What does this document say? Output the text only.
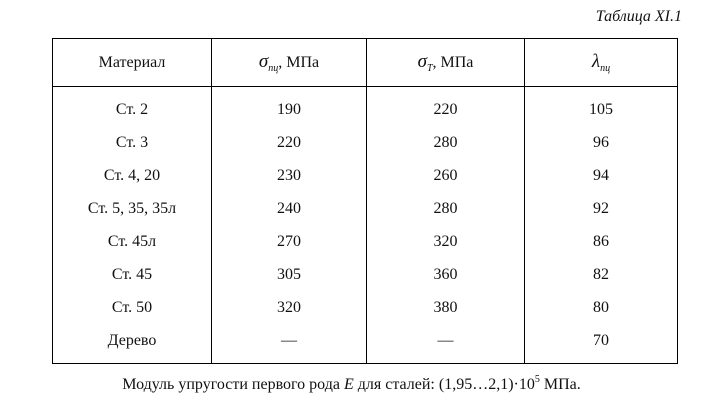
Таблица XI.1
Материал	$\sigma_{пц}$, МПа	$\sigma_Т$, МПа	$\lambda_{пц}$
Ст. 2	190	220	105
Ст. 3	220	280	96
Ст. 4, 20	230	260	94
Ст. 5, 35, 35л	240	280	92
Ст. 45л	270	320	86
Ст. 45	305	360	82
Ст. 50	320	380	80
Дерево	—	—	70
Модуль упругости первого рода E для сталей: $(1,95\dots 2,1)\cdot 10^5$ МПа.
